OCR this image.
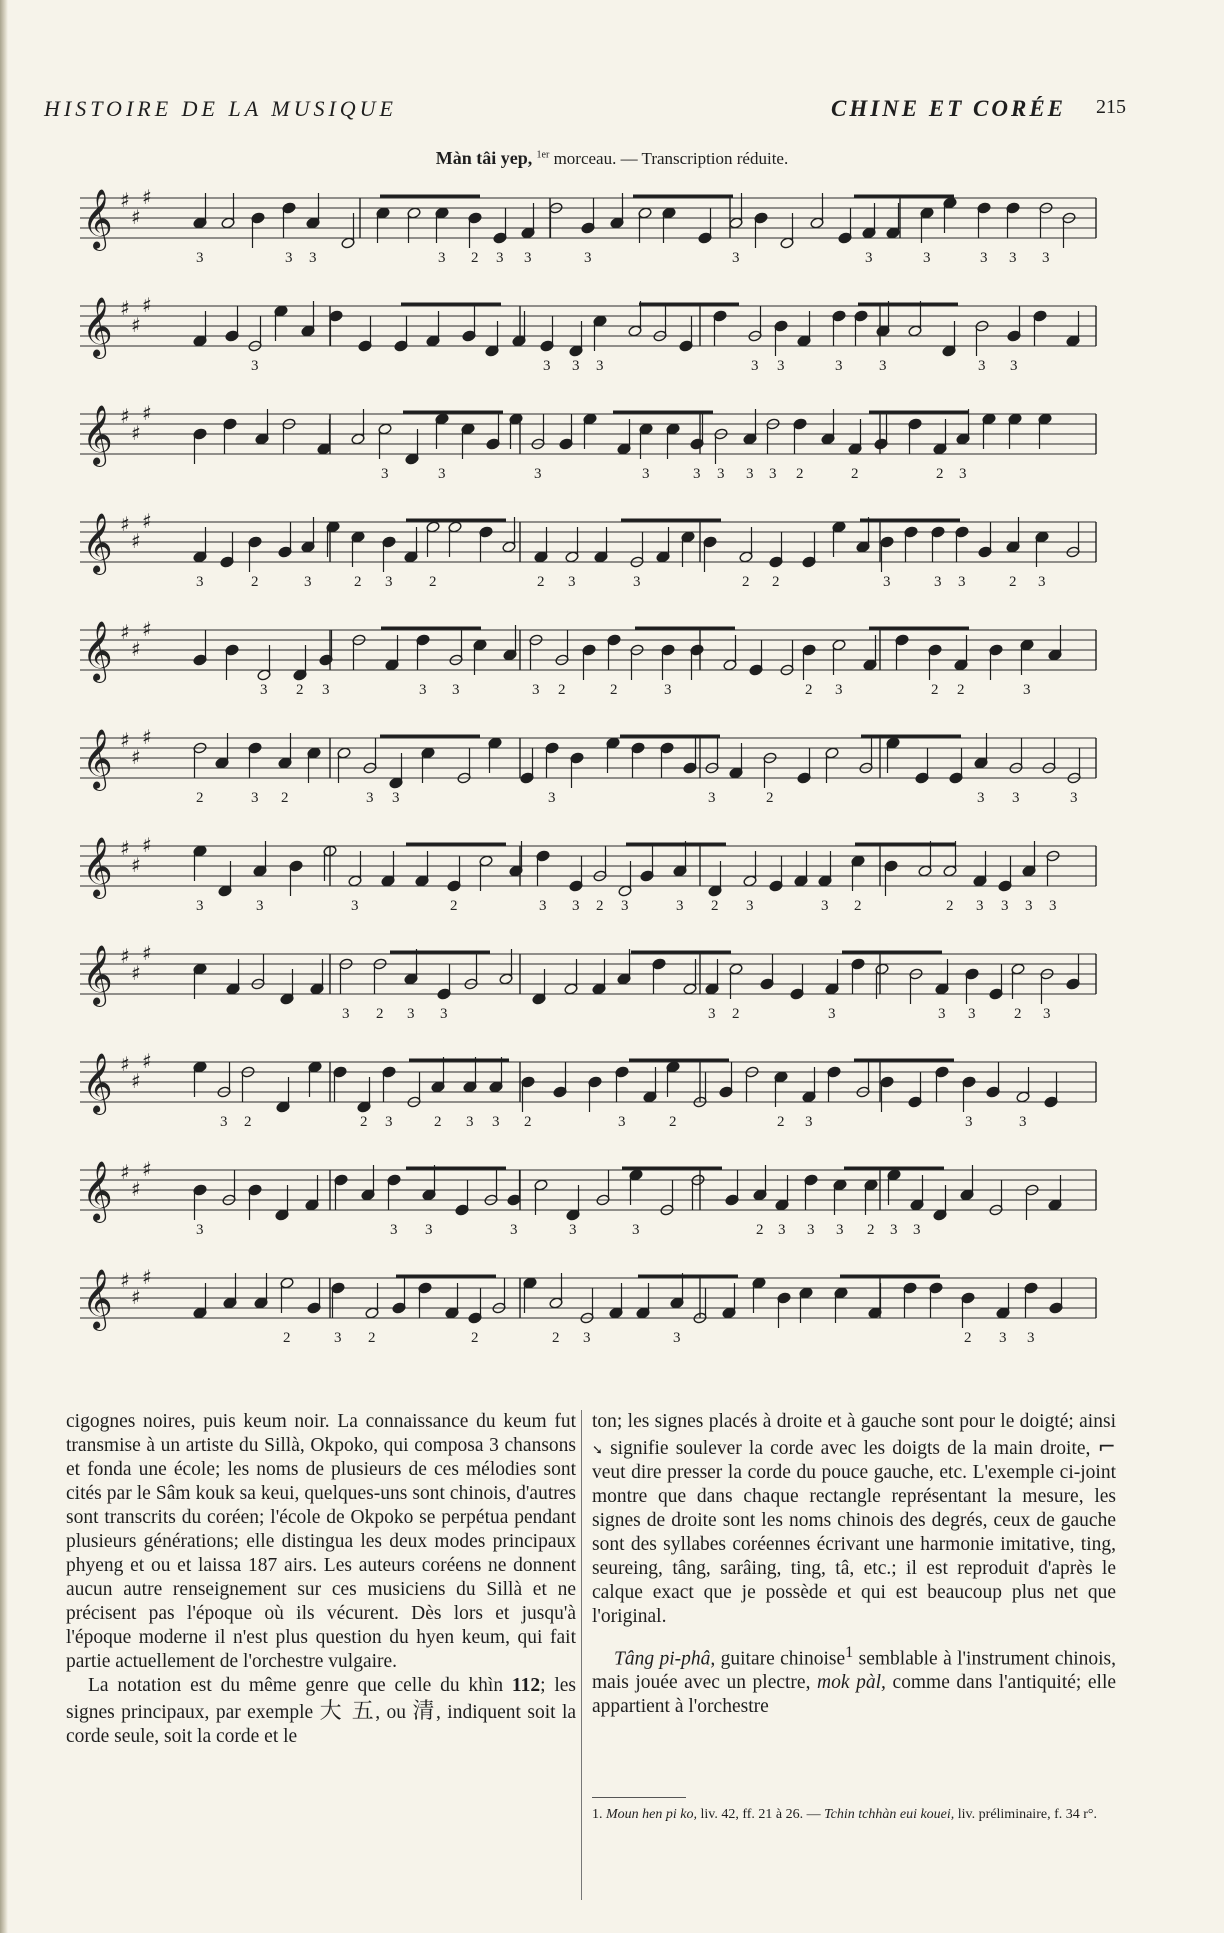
HISTOIRE DE LA MUSIQUE	CHINE ET CORÉE 215
Màn tâi yep, $^{1er}$ morceau. — Transcription réduite.
𝄞 ♯
♯
♯
3	3 3	3 2 3 3	3	3	3	3	3 3 3
𝄞 ♯
♯
♯
3	3 3 3	3 3	3 3	3 3
𝄞 ♯
♯
♯
3	3	3	3	3 3 3 3 2	2	2 3
𝄞 ♯
♯
♯
3	2	3	2 3 2	2 3	3	2 2	3	3 3	2 3
𝄞 ♯
♯
♯
3 2 3	3 3	3 2	2	3	2 3	2 2	3
𝄞 ♯
♯
♯
2	3 2	3 3	3	3	2	3 3	3
𝄞 ♯
♯
♯
3	3	3	2	3 3 2 3	3 2 3	3 2	2 3 3 3 3
𝄞 ♯
♯
♯
3 2 3 3	3 2	3	3 3	2 3
𝄞 ♯
♯
♯
3 2	2 3	2 3 3 2	3	2	2 3	3	3
𝄞 ♯
♯
♯
3	3 3	3	3	3	2 3 3 3 2 3 3
𝄞 ♯
♯
♯
2	3 2	2	2 3	3	2 3 3

cigognes noires, puis keum noir. La connaissance du keum fut transmise à un artiste du Sillà, Okpoko, qui composa 3 chansons et fonda une école; les noms de plusieurs de ces mélodies sont cités par le Sâm kouk sa keui, quelques-uns sont chinois, d'autres sont transcrits du coréen; l'école de Okpoko se perpétua pendant plusieurs générations; elle distingua les deux modes principaux phyeng et ou et laissa 187 airs. Les auteurs coréens ne donnent aucun autre renseignement sur ces musiciens du Sillà et ne précisent pas l'époque où ils vécurent. Dès lors et jusqu'à l'époque moderne il n'est plus question du hyen keum, qui fait partie actuellement de l'orchestre vulgaire.

La notation est du même genre que celle du khìn 112; les signes principaux, par exemple 大 五, ou 清, indiquent soit la corde seule, soit la corde et le

ton; les signes placés à droite et à gauche sont pour le doigté; ainsi ➘ signifie soulever la corde avec les doigts de la main droite, ⌐ veut dire presser la corde du pouce gauche, etc. L'exemple ci-joint montre que dans chaque rectangle représentant la mesure, les signes de droite sont les noms chinois des degrés, ceux de gauche sont des syllabes coréennes écrivant une harmonie imitative, ting, seureing, tâng, sarâing, ting, tâ, etc.; il est reproduit d'après le calque exact que je possède et qui est beaucoup plus net que l'original.

Tâng pi-phâ, guitare chinoise$^1$ semblable à l'instrument chinois, mais jouée avec un plectre, mok pàl, comme dans l'antiquité; elle appartient à l'orchestre

1. Moun hen pi ko, liv. 42, ff. 21 à 26. — Tchin tchhàn eui kouei, liv. préliminaire, f. 34 r°.
